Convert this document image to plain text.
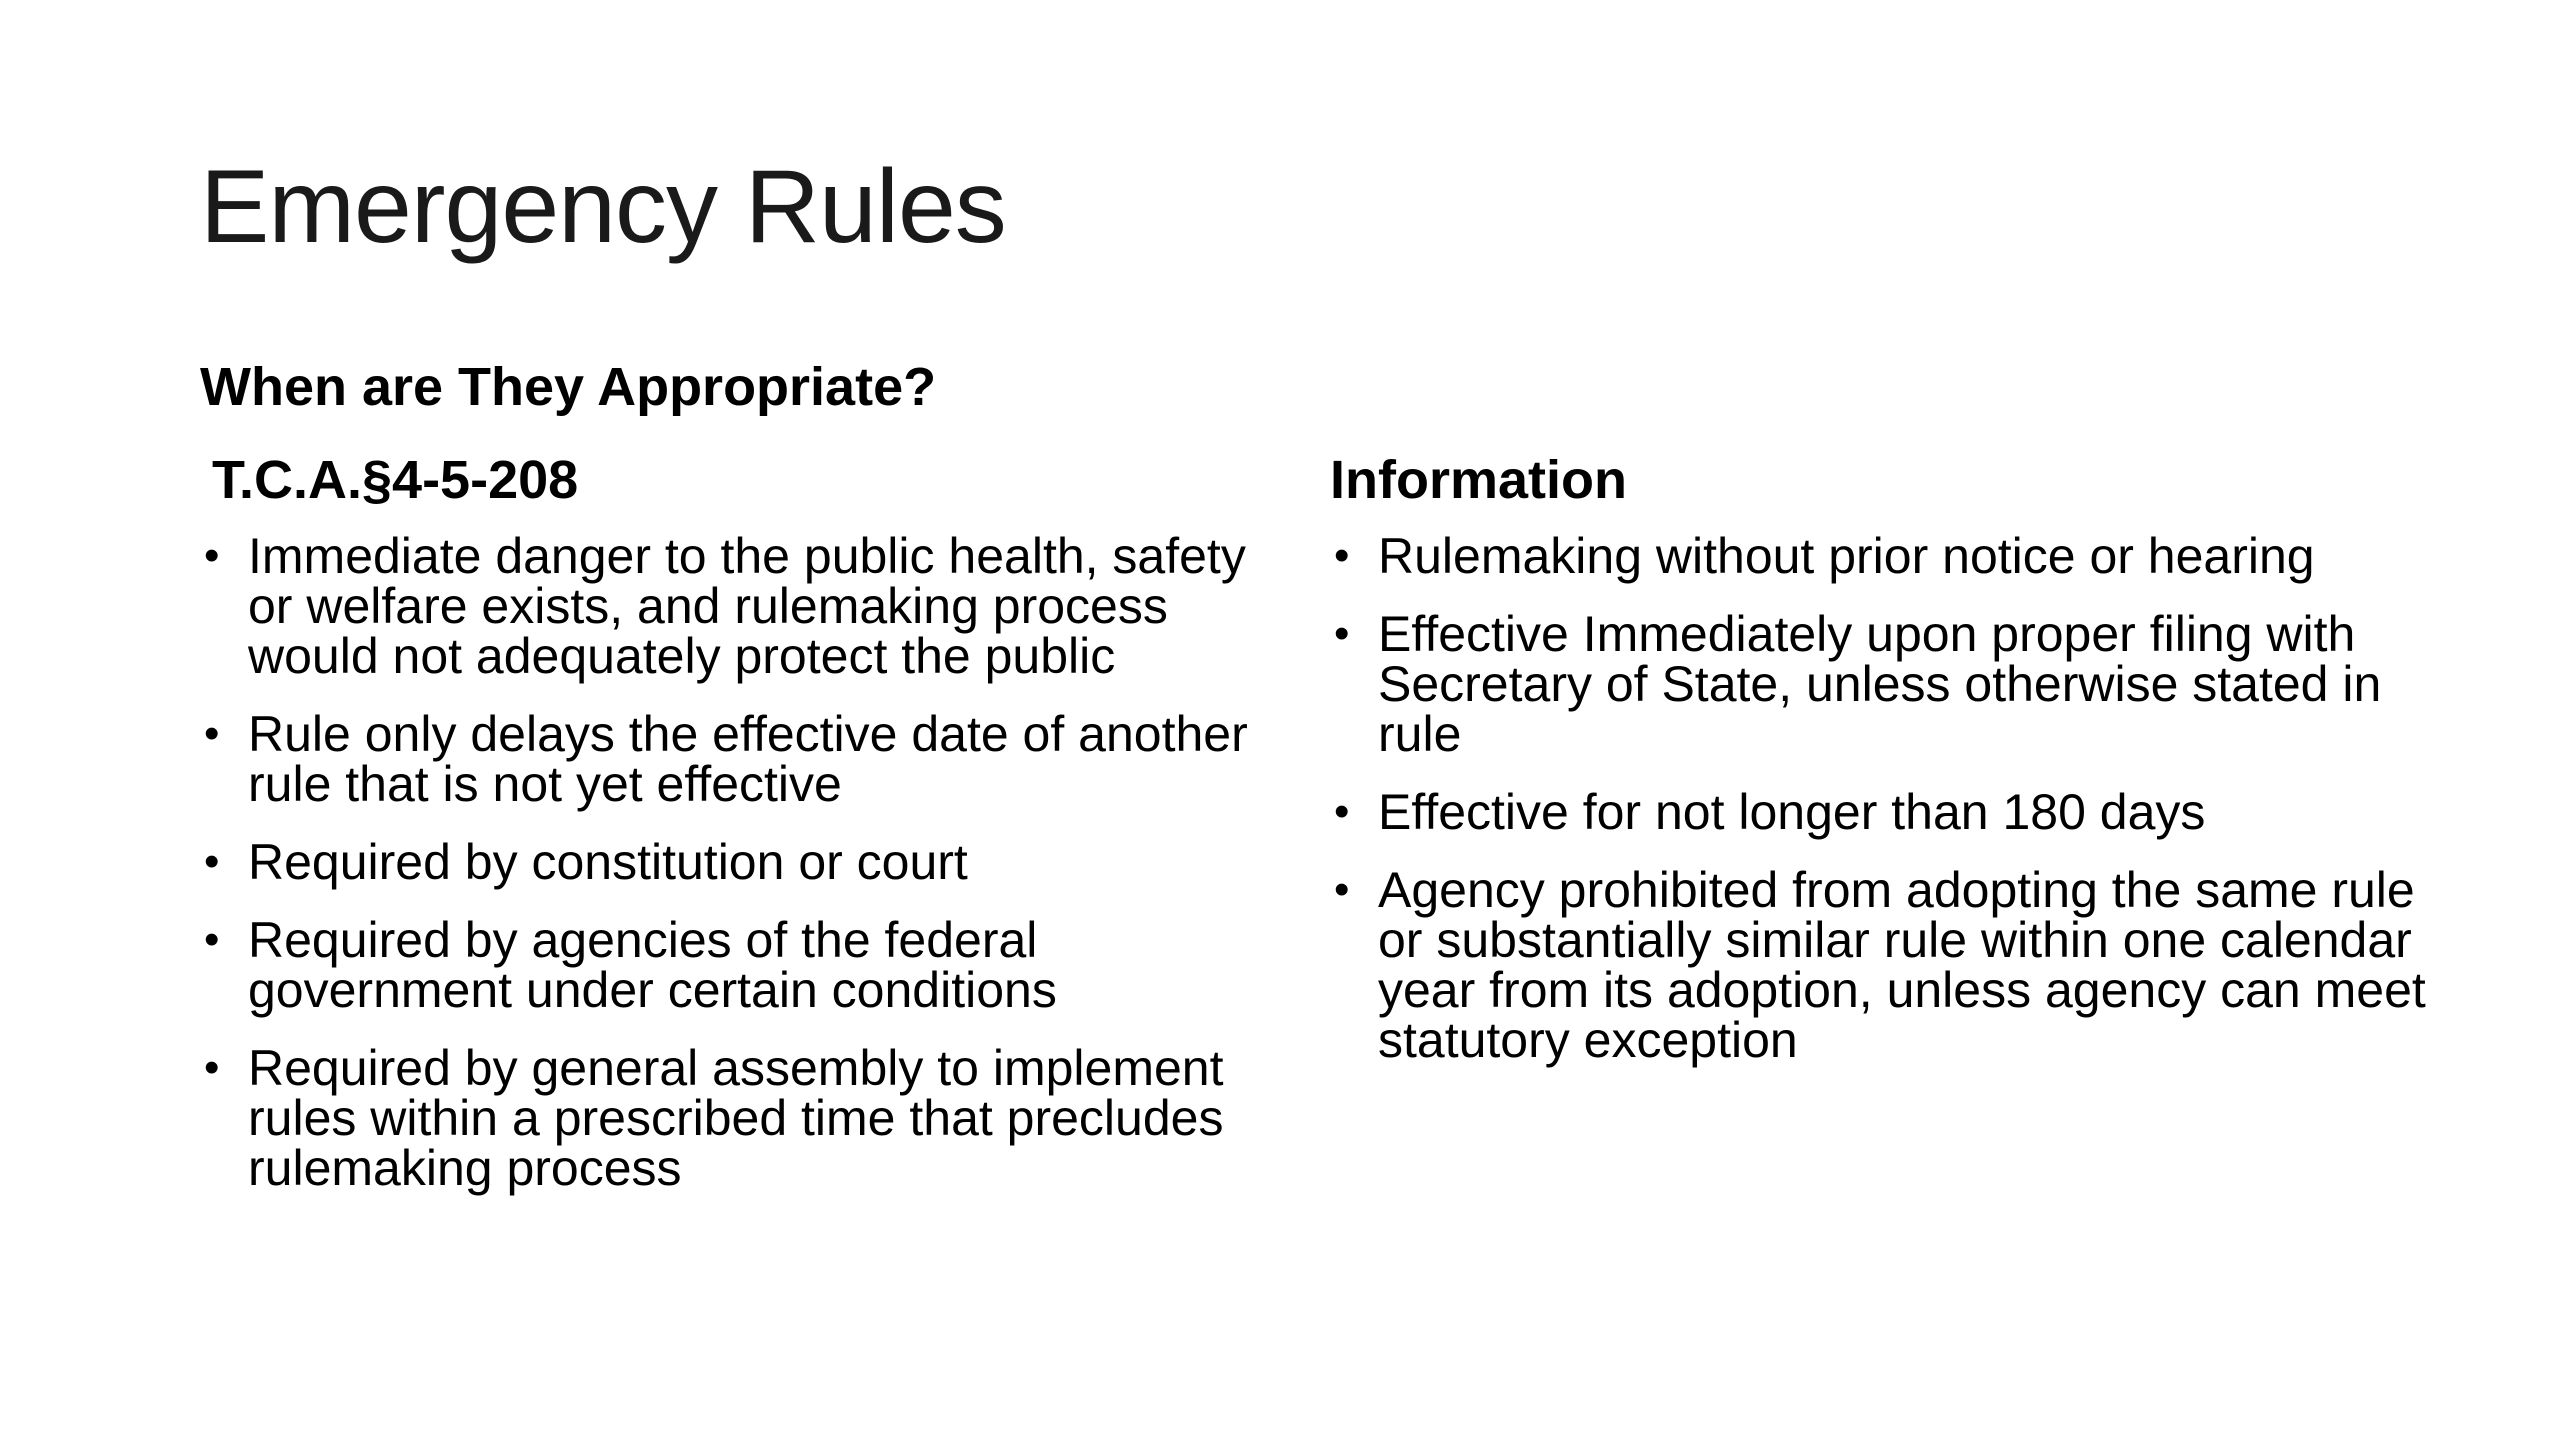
Emergency Rules
When are They Appropriate?
T.C.A.§4-5-208
• Immediate danger to the public health, safety or welfare exists, and rulemaking process would not adequately protect the public
• Rule only delays the effective date of another rule that is not yet effective
• Required by constitution or court
• Required by agencies of the federal government under certain conditions
• Required by general assembly to implement rules within a prescribed time that precludes rulemaking process
Information
• Rulemaking without prior notice or hearing
• Effective Immediately upon proper filing with Secretary of State, unless otherwise stated in rule
• Effective for not longer than 180 days
• Agency prohibited from adopting the same rule or substantially similar rule within one calendar year from its adoption, unless agency can meet statutory exception
